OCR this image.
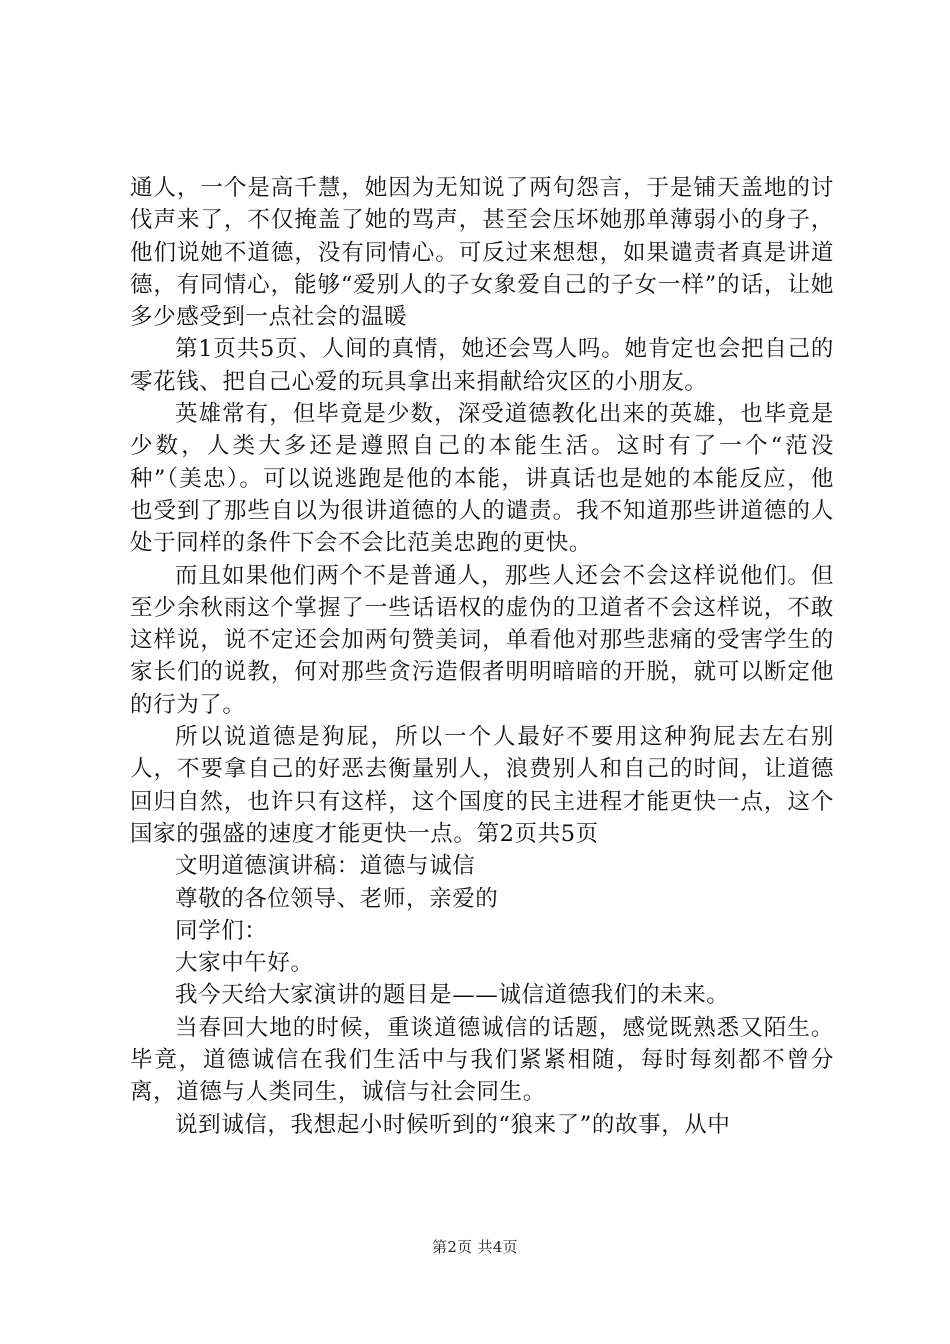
通人，一个是高千慧，她因为无知说了两句怨言，于是铺天盖地的讨伐声来了，不仅掩盖了她的骂声，甚至会压坏她那单薄弱小的身子，他们说她不道德，没有同情心。可反过来想想，如果谴责者真是讲道德，有同情心，能够“爱别人的子女象爱自己的子女一样”的话，让她多少感受到一点社会的温暖

第1页共5页、人间的真情，她还会骂人吗。她肯定也会把自己的零花钱、把自己心爱的玩具拿出来捐献给灾区的小朋友。

英雄常有，但毕竟是少数，深受道德教化出来的英雄，也毕竟是少数，人类大多还是遵照自己的本能生活。这时有了一个“范没种”（美忠）。可以说逃跑是他的本能，讲真话也是她的本能反应，他也受到了那些自以为很讲道德的人的谴责。我不知道那些讲道德的人处于同样的条件下会不会比范美忠跑的更快。

而且如果他们两个不是普通人，那些人还会不会这样说他们。但至少余秋雨这个掌握了一些话语权的虚伪的卫道者不会这样说，不敢这样说，说不定还会加两句赞美词，单看他对那些悲痛的受害学生的家长们的说教，何对那些贪污造假者明明暗暗的开脱，就可以断定他的行为了。

所以说道德是狗屁，所以一个人最好不要用这种狗屁去左右别人，不要拿自己的好恶去衡量别人，浪费别人和自己的时间，让道德回归自然，也许只有这样，这个国度的民主进程才能更快一点，这个国家的强盛的速度才能更快一点。第2页共5页

文明道德演讲稿：道德与诚信

尊敬的各位领导、老师，亲爱的

同学们：

大家中午好。

我今天给大家演讲的题目是——诚信道德我们的未来。

当春回大地的时候，重谈道德诚信的话题，感觉既熟悉又陌生。毕竟，道德诚信在我们生活中与我们紧紧相随，每时每刻都不曾分离，道德与人类同生，诚信与社会同生。

说到诚信，我想起小时候听到的“狼来了”的故事，从中

第2页 共4页
